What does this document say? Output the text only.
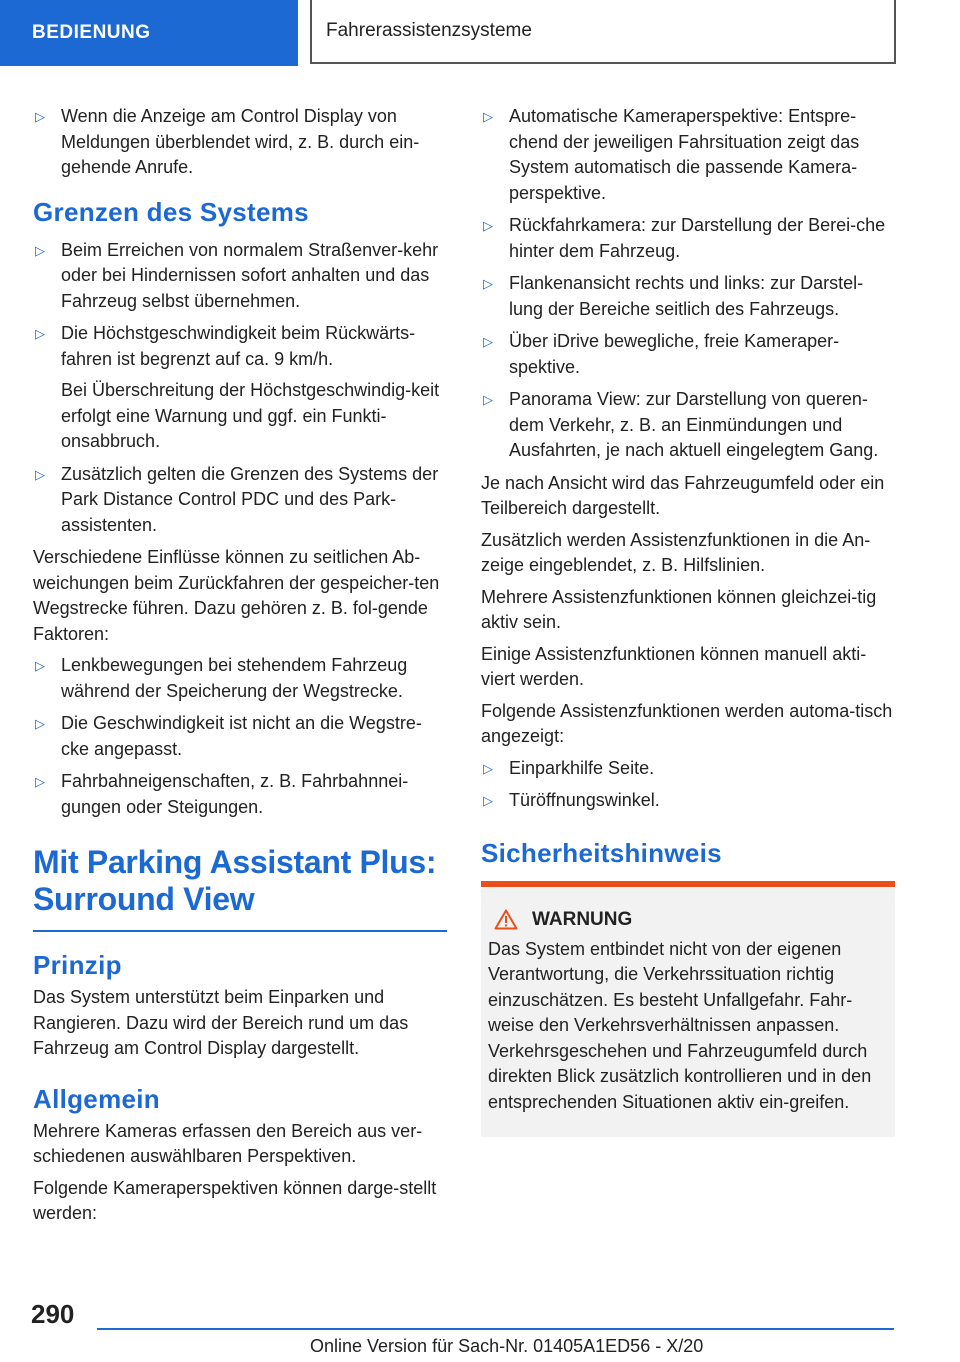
BEDIENUNG	Fahrerassistenzsysteme
▷ Wenn die Anzeige am Control Display von Meldungen überblendet wird, z. B. durch ein-gehende Anrufe.
Grenzen des Systems
▷ Beim Erreichen von normalem Straßenver-kehr oder bei Hindernissen sofort anhalten und das Fahrzeug selbst übernehmen.
▷ Die Höchstgeschwindigkeit beim Rückwärts-fahren ist begrenzt auf ca. 9 km/h.
Bei Überschreitung der Höchstgeschwindig-keit erfolgt eine Warnung und ggf. ein Funkti-onsabbruch.
▷ Zusätzlich gelten die Grenzen des Systems der Park Distance Control PDC und des Park-assistenten.
Verschiedene Einflüsse können zu seitlichen Ab-weichungen beim Zurückfahren der gespeicher-ten Wegstrecke führen. Dazu gehören z. B. fol-gende Faktoren:
▷ Lenkbewegungen bei stehendem Fahrzeug während der Speicherung der Wegstrecke.
▷ Die Geschwindigkeit ist nicht an die Wegstre-cke angepasst.
▷ Fahrbahneigenschaften, z. B. Fahrbahnnei-gungen oder Steigungen.
Mit Parking Assistant Plus:
Surround View
Prinzip
Das System unterstützt beim Einparken und Rangieren. Dazu wird der Bereich rund um das Fahrzeug am Control Display dargestellt.
Allgemein
Mehrere Kameras erfassen den Bereich aus ver-schiedenen auswählbaren Perspektiven.
Folgende Kameraperspektiven können darge-stellt werden:
▷ Automatische Kameraperspektive: Entspre-chend der jeweiligen Fahrsituation zeigt das System automatisch die passende Kamera-perspektive.
▷ Rückfahrkamera: zur Darstellung der Berei-che hinter dem Fahrzeug.
▷ Flankenansicht rechts und links: zur Darstel-lung der Bereiche seitlich des Fahrzeugs.
▷ Über iDrive bewegliche, freie Kameraper-spektive.
▷ Panorama View: zur Darstellung von queren-dem Verkehr, z. B. an Einmündungen und Ausfahrten, je nach aktuell eingelegtem Gang.
Je nach Ansicht wird das Fahrzeugumfeld oder ein Teilbereich dargestellt.
Zusätzlich werden Assistenzfunktionen in die An-zeige eingeblendet, z. B. Hilfslinien.
Mehrere Assistenzfunktionen können gleichzei-tig aktiv sein.
Einige Assistenzfunktionen können manuell akti-viert werden.
Folgende Assistenzfunktionen werden automa-tisch angezeigt:
▷ Einparkhilfe Seite.
▷ Türöffnungswinkel.
Sicherheitshinweis
WARNUNG
Das System entbindet nicht von der eigenen Verantwortung, die Verkehrssituation richtig einzuschätzen. Es besteht Unfallgefahr. Fahr-weise den Verkehrsverhältnissen anpassen. Verkehrsgeschehen und Fahrzeugumfeld durch direkten Blick zusätzlich kontrollieren und in den entsprechenden Situationen aktiv ein-greifen.
290
Online Version für Sach-Nr. 01405A1ED56 - X/20
